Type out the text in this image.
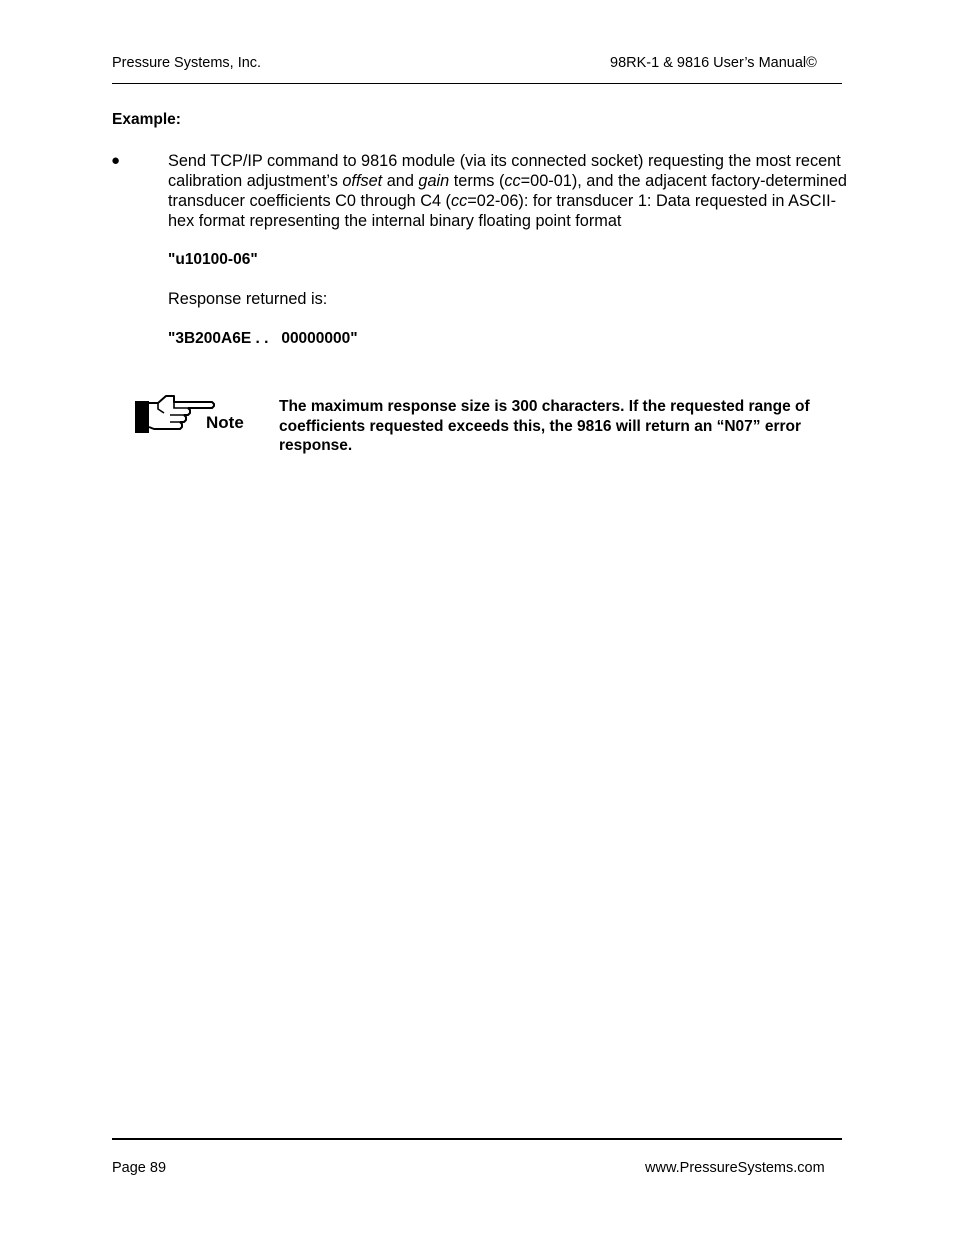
Pressure Systems, Inc.	98RK-1 & 9816 User’s Manual©
Example:
●	Send TCP/IP command to 9816 module (via its connected socket) requesting the most recent calibration adjustment’s offset and gain terms (cc=00-01), and the adjacent factory-determined transducer coefficients C0 through C4 (cc=02-06): for transducer 1: Data requested in ASCII-hex format representing the internal binary floating point format
"u10100-06"
Response returned is:
"3B200A6E . .   00000000"
Note
The maximum response size is 300 characters. If the requested range of coefficients requested exceeds this, the 9816 will return an “N07” error response.
Page 89	www.PressureSystems.com
